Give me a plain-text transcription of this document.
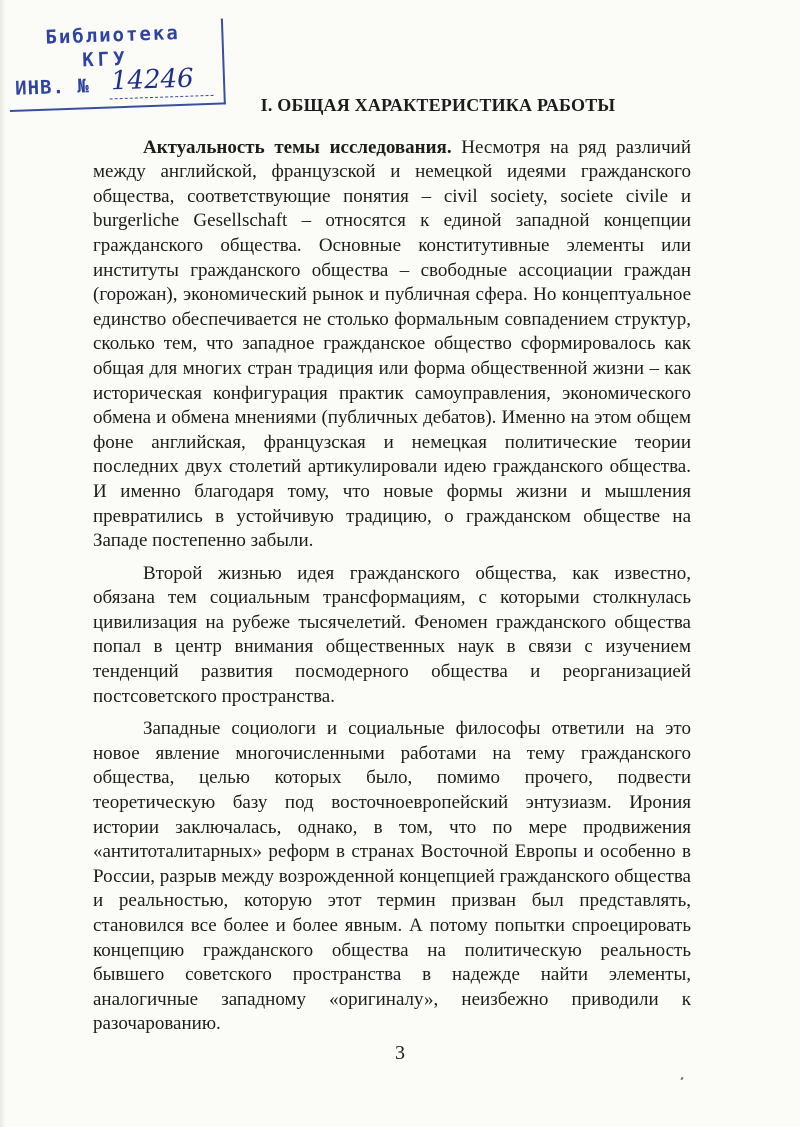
Библиотека
КГУ
ИНВ. № 14246
I. ОБЩАЯ ХАРАКТЕРИСТИКА РАБОТЫ

Актуальность темы исследования. Несмотря на ряд различий между английской, французской и немецкой идеями гражданского общества, соответствующие понятия – civil society, societe civile и burgerliche Gesellschaft – относятся к единой западной концепции гражданского общества. Основные конститутивные элементы или институты гражданского общества – свободные ассоциации граждан (горожан), экономический рынок и публичная сфера. Но концептуальное единство обеспечивается не столько формальным совпадением структур, сколько тем, что западное гражданское общество сформировалось как общая для многих стран традиция или форма общественной жизни – как историческая конфигурация практик самоуправления, экономического обмена и обмена мнениями (публичных дебатов). Именно на этом общем фоне английская, французская и немецкая политические теории последних двух столетий артикулировали идею гражданского общества. И именно благодаря тому, что новые формы жизни и мышления превратились в устойчивую традицию, о гражданском обществе на Западе постепенно забыли.

Второй жизнью идея гражданского общества, как известно, обязана тем социальным трансформациям, с которыми столкнулась цивилизация на рубеже тысячелетий. Феномен гражданского общества попал в центр внимания общественных наук в связи с изучением тенденций развития посмодерного общества и реорганизацией постсоветского пространства.

Западные социологи и социальные философы ответили на это новое явление многочисленными работами на тему гражданского общества, целью которых было, помимо прочего, подвести теоретическую базу под восточноевропейский энтузиазм. Ирония истории заключалась, однако, в том, что по мере продвижения «антитоталитарных» реформ в странах Восточной Европы и особенно в России, разрыв между возрожденной концепцией гражданского общества и реальностью, которую этот термин призван был представлять, становился все более и более явным. А потому попытки спроецировать концепцию гражданского общества на политическую реальность бывшего советского пространства в надежде найти элементы, аналогичные западному «оригиналу», неизбежно приводили к разочарованию.

3
